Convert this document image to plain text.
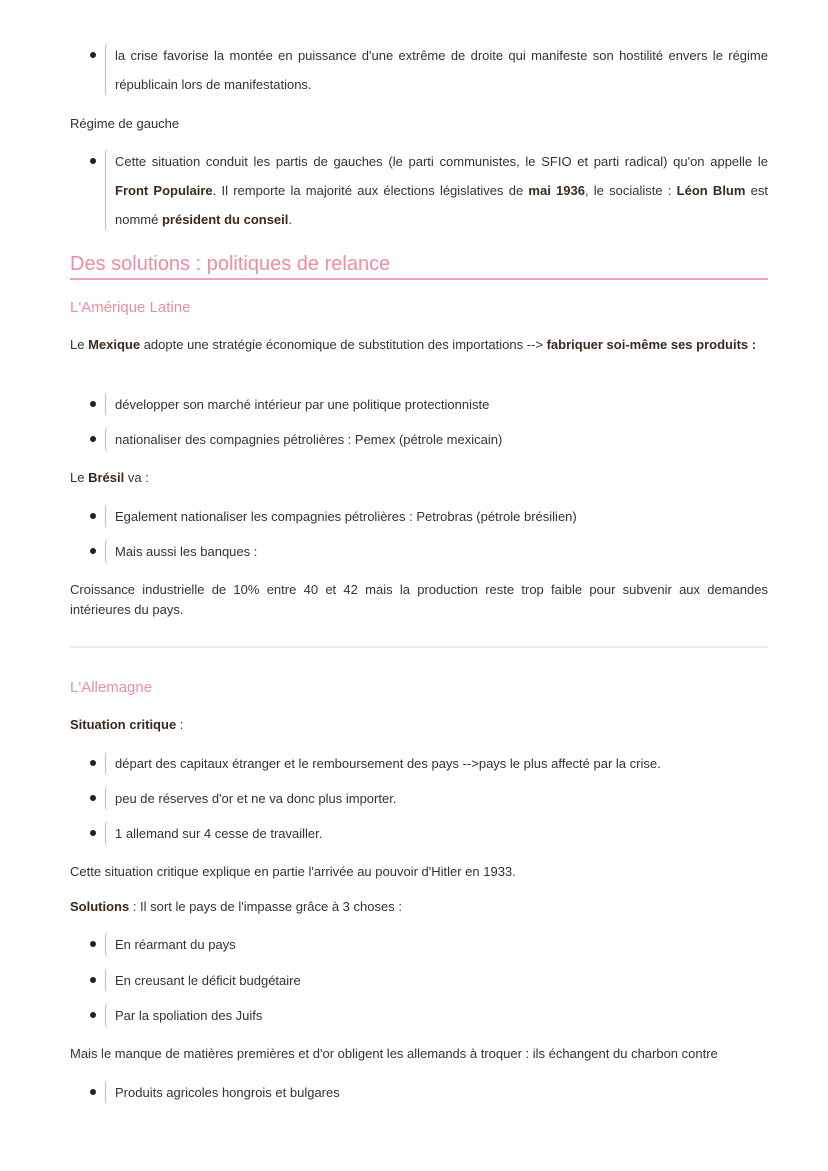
la crise favorise la montée en puissance d'une extrême de droite qui manifeste son hostilité envers le régime républicain lors de manifestations.
Régime de gauche
Cette situation conduit les partis de gauches (le parti communistes, le SFIO et parti radical) qu'on appelle le Front Populaire. Il remporte la majorité aux élections législatives de mai 1936, le socialiste : Léon Blum est nommé président du conseil.
Des solutions : politiques de relance
L'Amérique Latine
Le Mexique adopte une stratégie économique de substitution des importations --> fabriquer soi-même ses produits :
développer son marché intérieur par une politique protectionniste
nationaliser des compagnies pétrolières : Pemex (pétrole mexicain)
Le Brésil va :
Egalement nationaliser les compagnies pétrolières : Petrobras (pétrole brésilien)
Mais aussi les banques :
Croissance industrielle de 10% entre 40 et 42 mais la production reste trop faible pour subvenir aux demandes intérieures du pays.
L'Allemagne
Situation critique :
départ des capitaux étranger et le remboursement des pays -->pays le plus affecté par la crise.
peu de réserves d'or et ne va donc plus importer.
1 allemand sur 4 cesse de travailler.
Cette situation critique explique en partie l'arrivée au pouvoir d'Hitler en 1933.
Solutions : Il sort le pays de l'impasse grâce à 3 choses :
En réarmant du pays
En creusant le déficit budgétaire
Par la spoliation des Juifs
Mais le manque de matières premières et d'or obligent les allemands à troquer : ils échangent du charbon contre
Produits agricoles hongrois et bulgares
